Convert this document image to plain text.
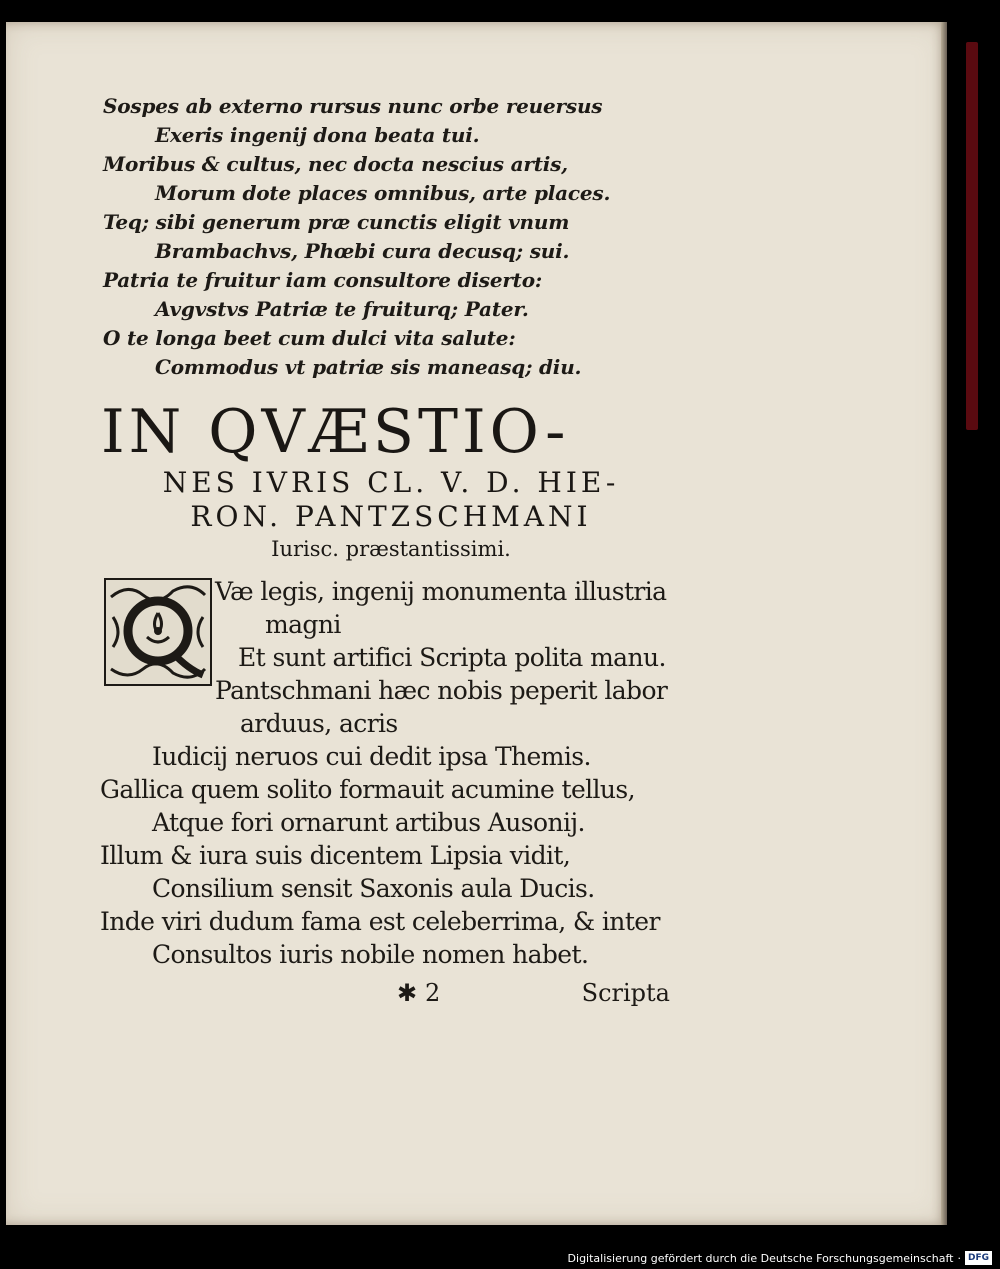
Sospes ab externo rursus nunc orbe reuersus
Exeris ingenij dona beata tui.
Moribus & cultus, nec docta nescius artis,
Morum dote places omnibus, arte places.
Teq; sibi generum præ cunctis eligit vnum
Brambachvs, Phœbi cura decusq; sui.
Patria te fruitur iam consultore diserto:
Avgvstvs Patriæ te fruiturq; Pater.
O te longa beet cum dulci vita salute:
Commodus vt patriæ sis maneasq; diu.
IN QVÆSTIO-
NES IVRIS CL. V. D. HIE-
RON. PANTZSCHMANI
Iurisc. præstantissimi.
Væ legis, ingenij monumenta illustria
magni
Et sunt artifici Scripta polita manu.
Pantschmani hæc nobis peperit labor
arduus, acris
Iudicij neruos cui dedit ipsa Themis.
Gallica quem solito formauit acumine tellus,
Atque fori ornarunt artibus Ausonij.
Illum & iura suis dicentem Lipsia vidit,
Consilium sensit Saxonis aula Ducis.
Inde viri dudum fama est celeberrima, & inter
Consultos iuris nobile nomen habet.
✱ 2	Scripta
Digitalisierung gefördert durch die Deutsche Forschungsgemeinschaft · DFG
